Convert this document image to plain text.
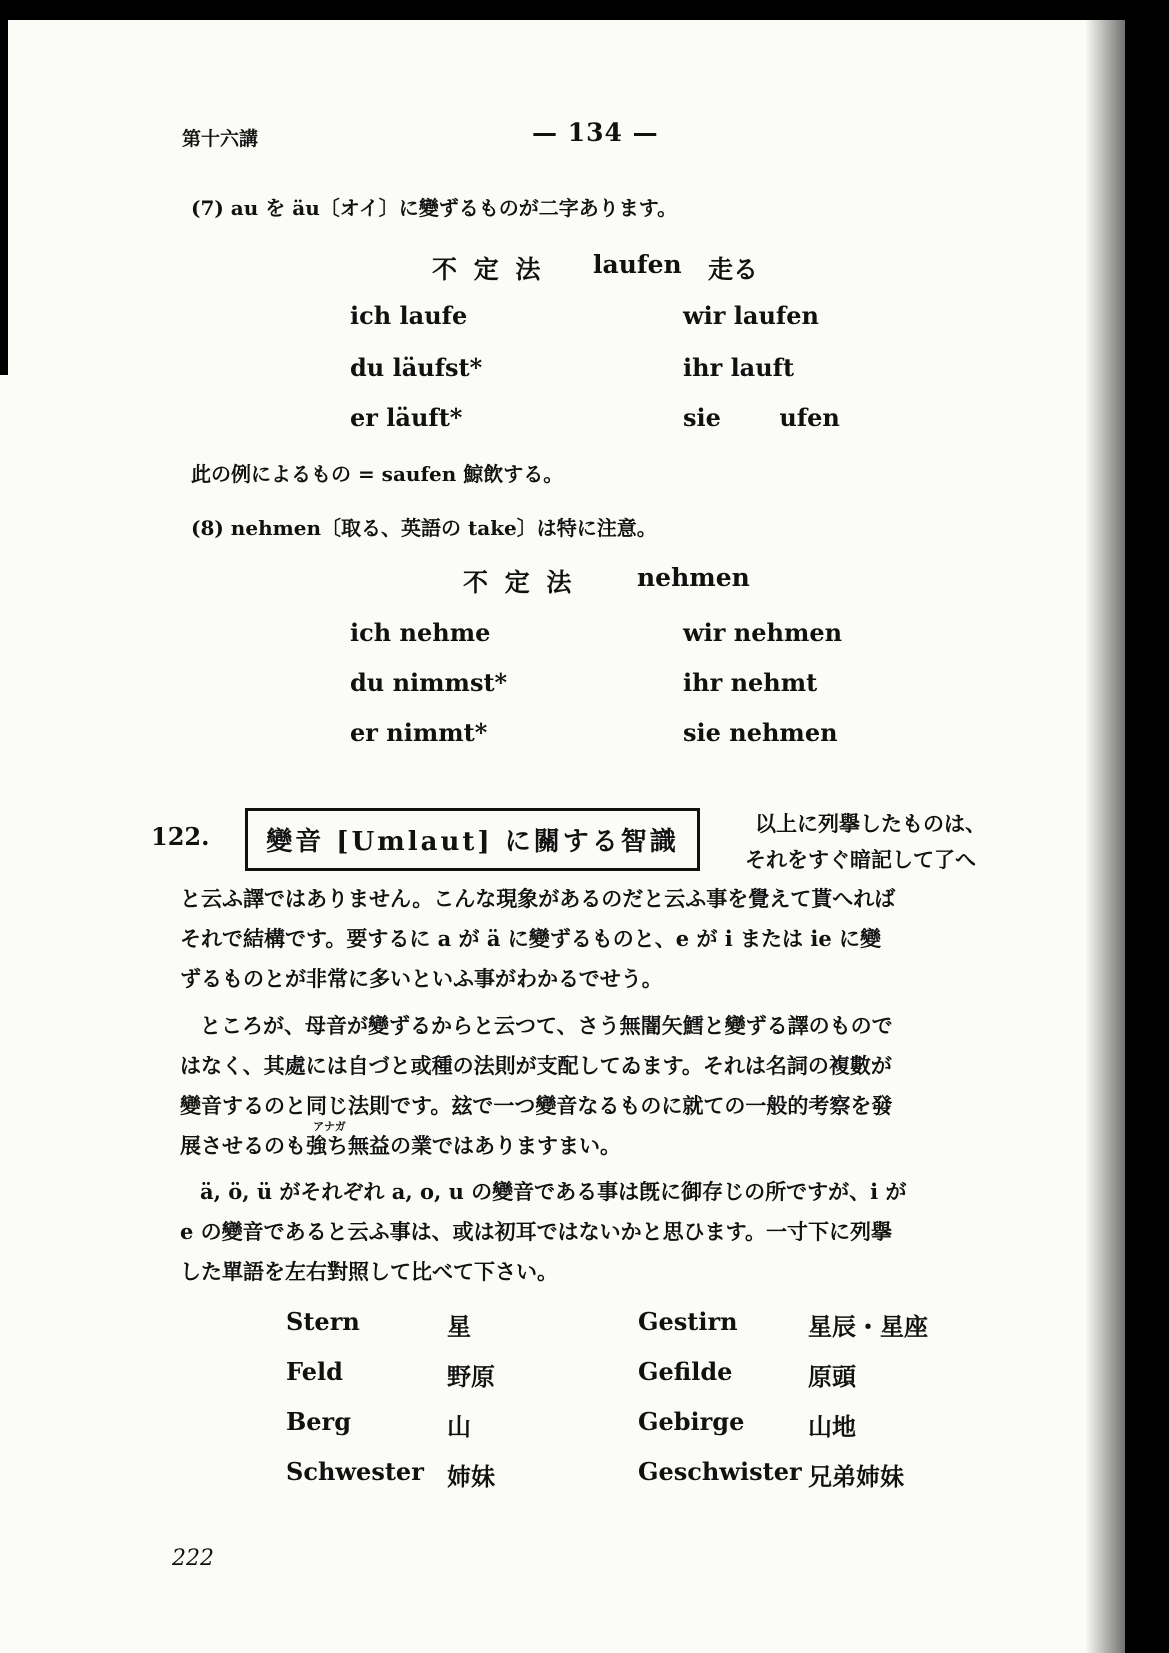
第十六講	— 134 —
(7) au を äu〔オイ〕に變ずるものが二字あります。
不 定 法 laufen 走る
ich laufe	wir laufen
du läufst*	ihr lauft
er läuft*	sie       ufen
此の例によるもの = saufen 鯨飲する。
(8) nehmen〔取る、英語の take〕は特に注意。
不 定 法 nehmen
ich nehme	wir nehmen
du nimmst*	ihr nehmt
er nimmt*	sie nehmen
122. 變音 [Umlaut] に關する智識
以上に列擧したものは、
それをすぐ暗記して了へ
と云ふ譯ではありません。こんな現象があるのだと云ふ事を覺えて貰へれば
それで結構です。要するに a が ä に變ずるものと、e が i または ie に變
ずるものとが非常に多いといふ事がわかるでせう。
ところが、母音が變ずるからと云つて、さう無闇矢鱈と變ずる譯のもので
はなく、其處には自づと或種の法則が支配してゐます。それは名詞の複數が
變音するのと同じ法則です。玆で一つ變音なるものに就ての一般的考察を發
アナガ
展させるのも強ち無益の業ではありますまい。
ä, ö, ü がそれぞれ a, o, u の變音である事は旣に御存じの所ですが、i が
e の變音であると云ふ事は、或は初耳ではないかと思ひます。一寸下に列擧
した單語を左右對照して比べて下さい。
Stern	星	Gestirn	星辰・星座
Feld	野原	Gefilde	原頭
Berg	山	Gebirge	山地
Schwester 姉妹	Geschwister 兄弟姉妹
222
